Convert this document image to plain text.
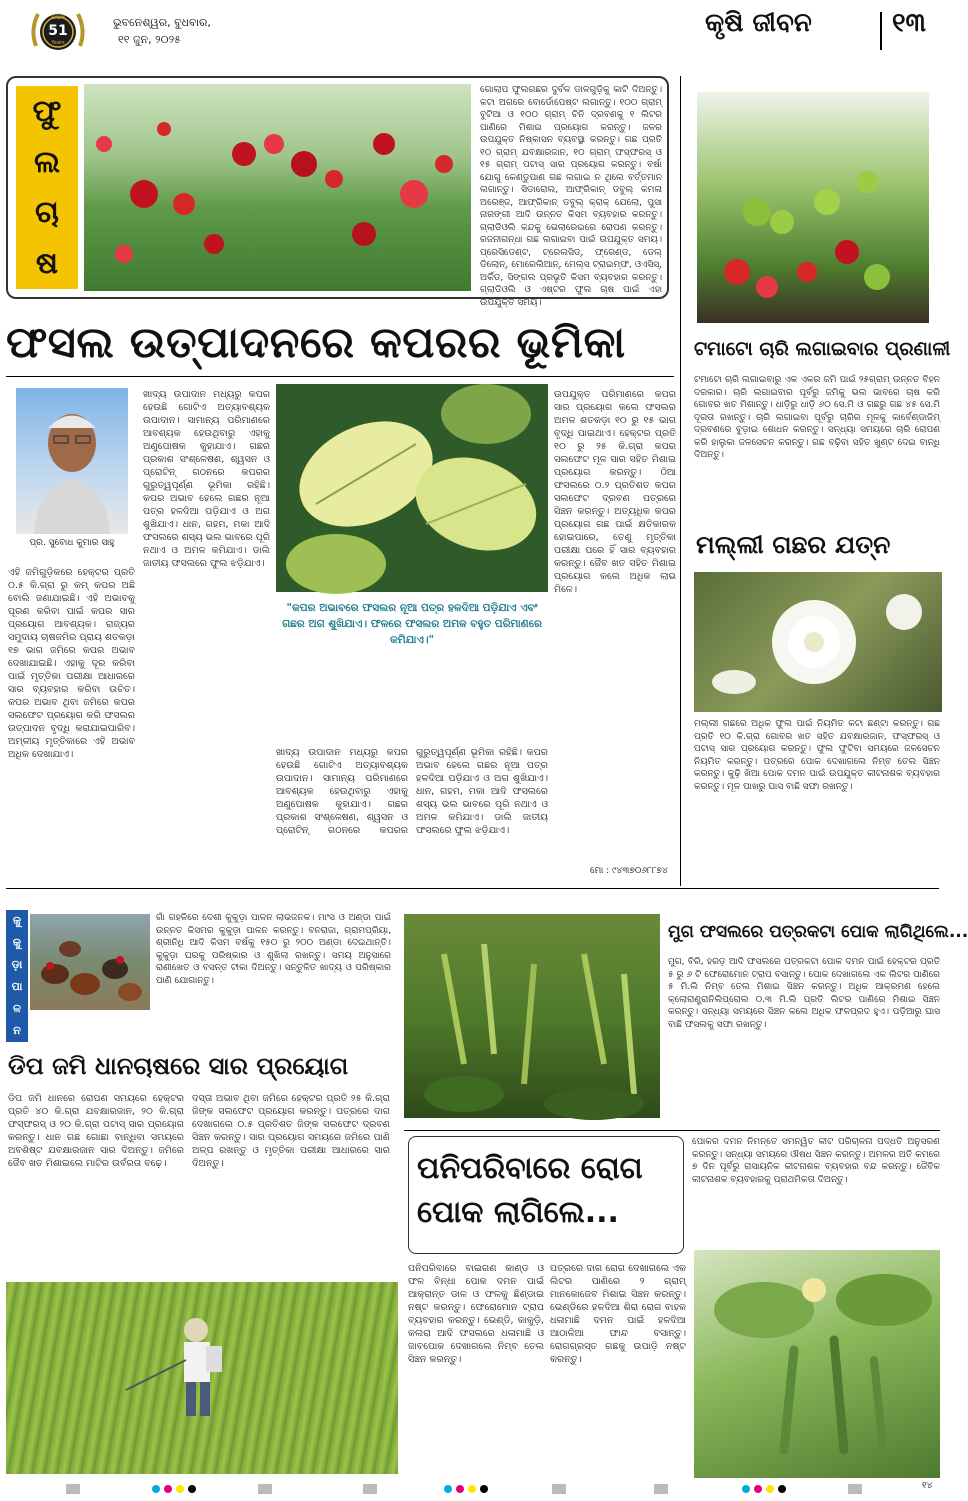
ଅଭିଜ୍ଞ
51
Years
ଭୁବନେଶ୍ୱର, ବୁଧବାର,
୧୧ ଜୁନ, ୨୦୨୫
କୃଷି ଜୀବନ	୧୩
ଫୁ
ଲ
ଚା
ଷ
ଗୋଲାପ ଫୁଲଗଛର ଦୁର୍ବଳ ଡାଳଗୁଡ଼ିକୁ କାଟି ଦିଅନ୍ତୁ। କଟା ଅଗରେ ବୋର୍ଡୋପେଷ୍ଟ ଲଗାନ୍ତୁ। ୧୦୦ ଗ୍ରାମ୍ ବୁଟିଆ ଓ ୧୦୦ ଗ୍ରାମ୍ ଚିନି ଦ୍ରବଣକୁ ୧ ଲିଟର ପାଣିରେ ମିଶାଇ ପ୍ରୟୋଗ କରନ୍ତୁ। ଜଳର ଉପଯୁକ୍ତ ନିଷ୍କାସନ ବ୍ୟବସ୍ଥା କରନ୍ତୁ। ଗଛ ପ୍ରତି ୧୦ ଗ୍ରାମ୍ ଯବକ୍ଷାରଜାନ, ୧୦ ଗ୍ରାମ୍ ଫସ୍ଫରସ୍ ଓ ୧୫ ଗ୍ରାମ୍ ପଟାସ୍ ସାର ପ୍ରୟୋଗ କରନ୍ତୁ। ବର୍ଷା ଯୋଗୁ କେଣ୍ଡୁପାଣ ଗଛ ଲଗାଇ ନ ଥିଲେ ବର୍ତ୍ତମାନ ଲଗାନ୍ତୁ। ସିଡାରୋଲ, ଆଫ୍ରିକାନ୍ ଡବୁଲ୍ କମଳା ଅରେଞ୍ଜ, ଆଫ୍ରିକାନ୍ ଡବୁଲ୍ କ୍ରାକ୍ ଯେଲୋ, ପୁସା ନାରଙ୍ଗୀ ଆଦି ଉନ୍ନତ କିସମ ବ୍ୟବହାର କରନ୍ତୁ। ଗ୍ଲାଡିଓଲି କନ୍ଦକୁ ଭେଲାରେଇରେ ରୋପଣ କରନ୍ତୁ। ରଜନୀଗନ୍ଧା ଗଛ ଲଗାଇବା ପାଇଁ ଉପଯୁକ୍ତ ସମୟ। ପ୍ରେସିଡେଣ୍ଟ, ଟ୍ରେଲସିଡ୍, ଫ୍ରେଣ୍ଡ, ଡେଲ୍ ଡିଲୋନ୍, ମୋରେଲିଆନ୍, ମେଲ୍ସ ଟ୍ରାଇମ୍ଫ, ଓଏସିସ୍, ଅର୍କିଡ, ସିଙ୍ଗଲ ପ୍ରଭୃତି କିସମ ବ୍ୟବହାର କରନ୍ତୁ। ଗ୍ଲାଡିଓଲି ଓ ଏଷ୍ଟର ଫୁଲ ଚାଷ ପାଇଁ ଏହା ଉପଯୁକ୍ତ ସମୟ।
ଫସଲ ଉତ୍ପାଦନରେ କପରର ଭୂମିକା
ପ୍ର. ସୁବୋଧ କୁମାର ସାହୁ
ଏହି ଜମିଗୁଡ଼ିକରେ ହେକ୍ଟର ପ୍ରତି ୦.୫ କି.ଗ୍ରା ରୁ କମ୍ କପର ଅଛି ବୋଲି ଜଣାଯାଇଛି। ଏହି ଅଭାବକୁ ପୂରଣ କରିବା ପାଇଁ କପର ସାର ପ୍ରୟୋଗ ଆବଶ୍ୟକ। ରାଜ୍ୟର ସମୁଦାୟ ଚାଷଜମିର ପ୍ରାୟ ଶତକଡ଼ା ୧୭ ଭାଗ ଜମିରେ କପର ଅଭାବ ଦେଖାଯାଇଛି। ଏହାକୁ ଦୂର କରିବା ପାଇଁ ମୃତ୍ତିକା ପରୀକ୍ଷା ଆଧାରରେ ସାର ବ୍ୟବହାର କରିବା ଉଚିତ। କପର ଅଭାବ ଥିବା ଜମିରେ କପର ସଲଫେଟ ପ୍ରୟୋଗ କରି ଫସଲର ଉତ୍ପାଦନ ବୃଦ୍ଧି କରାଯାଇପାରିବ। ଅମ୍ଳୀୟ ମୃତ୍ତିକାରେ ଏହି ଅଭାବ ଅଧିକ ଦେଖାଯାଏ।
ଖାଦ୍ୟ ଉପାଦାନ ମଧ୍ୟରୁ କପର ହେଉଛି ଗୋଟିଏ ଅତ୍ୟାବଶ୍ୟକ ଉପାଦାନ। ସାମାନ୍ୟ ପରିମାଣରେ ଆବଶ୍ୟକ ହେଉଥିବାରୁ ଏହାକୁ ଅଣୁପୋଷକ କୁହାଯାଏ। ଗଛର ପ୍ରକାଶ ସଂଶ୍ଳେଷଣ, ଶ୍ୱସନ ଓ ପ୍ରୋଟିନ୍ ଗଠନରେ କପରର ଗୁରୁତ୍ୱପୂର୍ଣ୍ଣ ଭୂମିକା ରହିଛି। କପର ଅଭାବ ହେଲେ ଗଛର ନୂଆ ପତ୍ର ହଳଦିଆ ପଡ଼ିଯାଏ ଓ ଅଗ ଶୁଖିଯାଏ। ଧାନ, ଗହମ, ମକା ଆଦି ଫସଲରେ ଶସ୍ୟ ଭଲ ଭାବରେ ପୂରି ନଥାଏ ଓ ଅମଳ କମିଯାଏ। ଡାଲି ଜାତୀୟ ଫସଲରେ ଫୁଲ ଝଡ଼ିଯାଏ।
"କପର ଅଭାବରେ ଫସଲର ନୂଆ ପତ୍ର ହଳଦିଆ ପଡ଼ିଯାଏ ଏବଂ ଗଛର ଅଗ ଶୁଖିଯାଏ। ଫଳରେ ଫସଲର ଅମଳ ବହୁତ ପରିମାଣରେ କମିଯାଏ।"
ଖାଦ୍ୟ ଉପାଦାନ ମଧ୍ୟରୁ କପର ହେଉଛି ଗୋଟିଏ ଅତ୍ୟାବଶ୍ୟକ ଉପାଦାନ। ସାମାନ୍ୟ ପରିମାଣରେ ଆବଶ୍ୟକ ହେଉଥିବାରୁ ଏହାକୁ ଅଣୁପୋଷକ କୁହାଯାଏ। ଗଛର ପ୍ରକାଶ ସଂଶ୍ଳେଷଣ, ଶ୍ୱସନ ଓ ପ୍ରୋଟିନ୍ ଗଠନରେ କପରର ଗୁରୁତ୍ୱପୂର୍ଣ୍ଣ ଭୂମିକା ରହିଛି। କପର ଅଭାବ ହେଲେ ଗଛର ନୂଆ ପତ୍ର ହଳଦିଆ ପଡ଼ିଯାଏ ଓ ଅଗ ଶୁଖିଯାଏ। ଧାନ, ଗହମ, ମକା ଆଦି ଫସଲରେ ଶସ୍ୟ ଭଲ ଭାବରେ ପୂରି ନଥାଏ ଓ ଅମଳ କମିଯାଏ। ଡାଲି ଜାତୀୟ ଫସଲରେ ଫୁଲ ଝଡ଼ିଯାଏ।
ଉପଯୁକ୍ତ ପରିମାଣରେ କପର ସାର ପ୍ରୟୋଗ କଲେ ଫସଲର ଅମଳ ଶତକଡ଼ା ୧୦ ରୁ ୧୫ ଭାଗ ବୃଦ୍ଧି ପାଇଥାଏ। ହେକ୍ଟର ପ୍ରତି ୧୦ ରୁ ୨୫ କି.ଗ୍ରା କପର ସଲଫେଟ ମୂଳ ସାର ସହିତ ମିଶାଇ ପ୍ରୟୋଗ କରନ୍ତୁ। ଠିଆ ଫସଲରେ ୦.୨ ପ୍ରତିଶତ କପର ସଲଫେଟ ଦ୍ରବଣ ପତ୍ରରେ ସିଞ୍ଚନ କରନ୍ତୁ। ଅତ୍ୟଧିକ କପର ପ୍ରୟୋଗ ଗଛ ପାଇଁ କ୍ଷତିକାରକ ହୋଇପାରେ, ତେଣୁ ମୃତ୍ତିକା ପରୀକ୍ଷା ପରେ ହିଁ ସାର ବ୍ୟବହାର କରନ୍ତୁ। ଜୈବ ଖତ ସହିତ ମିଶାଇ ପ୍ରୟୋଗ କଲେ ଅଧିକ ଲାଭ ମିଳେ।
ମୋ : ୯୪୩୭୦୬୮୮୭୪
ଟମାଟୋ ଚାରି ଲଗାଇବାର ପ୍ରଣାଳୀ
ଟମାଟୋ ଚାରି ଲଗାଇବାରୁ ଏକ ଏକର ଜମି ପାଇଁ ୨୫ଗ୍ରାମ୍ ଉନ୍ନତ ବିହନ ଦରକାର। ଚାରି ଲଗାଇବାର ପୂର୍ବରୁ ଜମିକୁ ଭଲ ଭାବରେ ଚାଷ କରି ଗୋବର ଖତ ମିଶାନ୍ତୁ। ଧାଡ଼ିରୁ ଧାଡ଼ି ୬୦ ସେ.ମି ଓ ଗଛରୁ ଗଛ ୪୫ ସେ.ମି ଦୂରତା ରଖନ୍ତୁ। ଚାରି ଲଗାଇବା ପୂର୍ବରୁ ଚାରିର ମୂଳକୁ କାର୍ବେଣ୍ଡାଜିମ୍ ଦ୍ରବଣରେ ବୁଡ଼ାଇ ଶୋଧନ କରନ୍ତୁ। ସନ୍ଧ୍ୟା ସମୟରେ ଚାରି ରୋପଣ କରି ହାଲୁକା ଜଳସେଚନ କରନ୍ତୁ। ଗଛ ବଢ଼ିବା ସହିତ ଖୁଣ୍ଟ ଦେଇ ବାନ୍ଧି ଦିଅନ୍ତୁ।
ମଲ୍ଲୀ ଗଛର ଯତ୍ନ
ମଲ୍ଲୀ ଗଛରେ ଅଧିକ ଫୁଲ ପାଇଁ ନିୟମିତ କଟା ଛଣ୍ଟା କରନ୍ତୁ। ଗଛ ପ୍ରତି ୧୦ କି.ଗ୍ରା ଗୋବର ଖତ ସହିତ ଯବକ୍ଷାରଜାନ, ଫସ୍ଫରସ୍ ଓ ପଟାସ୍ ସାର ପ୍ରୟୋଗ କରନ୍ତୁ। ଫୁଲ ଫୁଟିବା ସମୟରେ ଜଳସେଚନ ନିୟମିତ କରନ୍ତୁ। ପତ୍ରରେ ପୋକ ଦେଖାଗଲେ ନିମ୍ବ ତେଲ ସିଞ୍ଚନ କରନ୍ତୁ। କୁଢ଼ି ଖିଆ ପୋକ ଦମନ ପାଇଁ ଉପଯୁକ୍ତ କୀଟନାଶକ ବ୍ୟବହାର କରନ୍ତୁ। ମୂଳ ପାଖରୁ ଘାସ ବାଛି ସଫା ରଖନ୍ତୁ।
କୁ
କୁ
ଡ଼ା
ପା
ଳ
ନ
ଗାଁ ଗହଳିରେ ଦେଶୀ କୁକୁଡ଼ା ପାଳନ ଲାଭଜନକ। ମାଂସ ଓ ଅଣ୍ଡା ପାଇଁ ଉନ୍ନତ କିସମର କୁକୁଡ଼ା ପାଳନ କରନ୍ତୁ। ବନରାଜା, ଗ୍ରାମପ୍ରିୟା, ଶ୍ରୀନିଧି ଆଦି କିସମ ବର୍ଷକୁ ୧୫୦ ରୁ ୨୦୦ ଅଣ୍ଡା ଦେଇଥାନ୍ତି। କୁକୁଡ଼ା ଘରକୁ ପରିଷ୍କାର ଓ ଶୁଖିଲା ରଖନ୍ତୁ। ସମୟ ଅନୁସାରେ ରାଣୀଖେତ ଓ ବସନ୍ତ ଟୀକା ଦିଅନ୍ତୁ। ସନ୍ତୁଳିତ ଖାଦ୍ୟ ଓ ପରିଷ୍କାର ପାଣି ଯୋଗାନ୍ତୁ।
ଡିପ ଜମି ଧାନଚାଷରେ ସାର ପ୍ରୟୋଗ
ଡିପ ଜମି ଧାନରେ ରୋପଣ ସମୟରେ ହେକ୍ଟର ପ୍ରତି ୪୦ କି.ଗ୍ରା ଯବକ୍ଷାରଜାନ, ୨୦ କି.ଗ୍ରା ଫସ୍ଫରସ୍ ଓ ୨୦ କି.ଗ୍ରା ପଟାସ୍ ସାର ପ୍ରୟୋଗ କରନ୍ତୁ। ଧାନ ଗଛ ଗୋଛା ବାନ୍ଧିବା ସମୟରେ ଅବଶିଷ୍ଟ ଯବକ୍ଷାରଜାନ ସାର ଦିଅନ୍ତୁ। ଜମିରେ ଜୈବ ଖତ ମିଶାଇଲେ ମାଟିର ଉର୍ବରତା ବଢ଼େ।
ଦସ୍ତା ଅଭାବ ଥିବା ଜମିରେ ହେକ୍ଟର ପ୍ରତି ୨୫ କି.ଗ୍ରା ଜିଙ୍କ ସଲଫେଟ ପ୍ରୟୋଗ କରନ୍ତୁ। ପତ୍ରରେ ଦାଗ ଦେଖାଗଲେ ୦.୫ ପ୍ରତିଶତ ଜିଙ୍କ ସଲଫେଟ ଦ୍ରବଣ ସିଞ୍ଚନ କରନ୍ତୁ। ସାର ପ୍ରୟୋଗ ସମୟରେ ଜମିରେ ପାଣି ଅଳ୍ପ ରଖନ୍ତୁ ଓ ମୃତ୍ତିକା ପରୀକ୍ଷା ଆଧାରରେ ସାର ଦିଅନ୍ତୁ।
ମୁଗ ଫସଲରେ ପତ୍ରକଟା ପୋକ ଲାଗିଥିଲେ...
ମୁଗ, ବିରି, ହରଡ଼ ଆଦି ଫସଲରେ ପତ୍ରକଟା ପୋକ ଦମନ ପାଇଁ ହେକ୍ଟର ପ୍ରତି ୫ ରୁ ୬ ଟି ଫେରୋମୋନ ଟ୍ରାପ ବସାନ୍ତୁ। ପୋକ ଦେଖାଗଲେ ଏକ ଲିଟର ପାଣିରେ ୫ ମି.ଲି ନିମ୍ବ ତେଲ ମିଶାଇ ସିଞ୍ଚନ କରନ୍ତୁ। ଅଧିକ ଆକ୍ରମଣ ହେଲେ କ୍ଲୋରାଣ୍ଟ୍ରାନିଲିପ୍ରୋଲ ୦.୩ ମି.ଲି ପ୍ରତି ଲିଟର ପାଣିରେ ମିଶାଇ ସିଞ୍ଚନ କରନ୍ତୁ। ସନ୍ଧ୍ୟା ସମୟରେ ସିଞ୍ଚନ କଲେ ଅଧିକ ଫଳପ୍ରଦ ହୁଏ। ପଡ଼ିଆରୁ ଘାସ ବାଛି ଫସଲକୁ ସଫା ରଖନ୍ତୁ।
ପନିପରିବାରେ ରୋଗ ପୋକ ଲାଗିଲେ...
ପନିପରିବାରେ ବାଇଗଣ କାଣ୍ଡ ଓ ଫଳ ବିନ୍ଧା ପୋକ ଦମନ ପାଇଁ ଆକ୍ରାନ୍ତ ଡାଳ ଓ ଫଳକୁ ଛିଣ୍ଡାଇ ନଷ୍ଟ କରନ୍ତୁ। ଫେରୋମୋନ ଟ୍ରାପ ବ୍ୟବହାର କରନ୍ତୁ। ଭେଣ୍ଡି, କାକୁଡ଼ି, କଲରା ଆଦି ଫସଲରେ ଧଳାମାଛି ଓ ଜାବପୋକ ଦେଖାଗଲେ ନିମ୍ବ ତେଲ ସିଞ୍ଚନ କରନ୍ତୁ।
ପତ୍ରରେ ଦାଗ ରୋଗ ଦେଖାଗଲେ ଏକ ଲିଟର ପାଣିରେ ୨ ଗ୍ରାମ୍ ମାନକୋଜେବ ମିଶାଇ ସିଞ୍ଚନ କରନ୍ତୁ। ଭେଣ୍ଡିରେ ହଳଦିଆ ଶିରା ରୋଗ ବାହକ ଧଳାମାଛି ଦମନ ପାଇଁ ହଳଦିଆ ଆଠାଳିଆ ଫାନ୍ଦ ବସାନ୍ତୁ। ରୋଗଗ୍ରସ୍ତ ଗଛକୁ ଉପାଡ଼ି ନଷ୍ଟ କରନ୍ତୁ।
ପୋକର ଦମନ ନିମନ୍ତେ ସମନ୍ୱିତ କୀଟ ପରିଚାଳନା ପଦ୍ଧତି ଅନୁସରଣ କରନ୍ତୁ। ସନ୍ଧ୍ୟା ସମୟରେ ଔଷଧ ସିଞ୍ଚନ କରନ୍ତୁ। ଅମଳର ଅତି କମରେ ୭ ଦିନ ପୂର୍ବରୁ ରାସାୟନିକ କୀଟନାଶକ ବ୍ୟବହାର ବନ୍ଦ କରନ୍ତୁ। ଜୈବିକ କୀଟନାଶକ ବ୍ୟବହାରକୁ ପ୍ରାଥମିକତା ଦିଅନ୍ତୁ।
୧୪
